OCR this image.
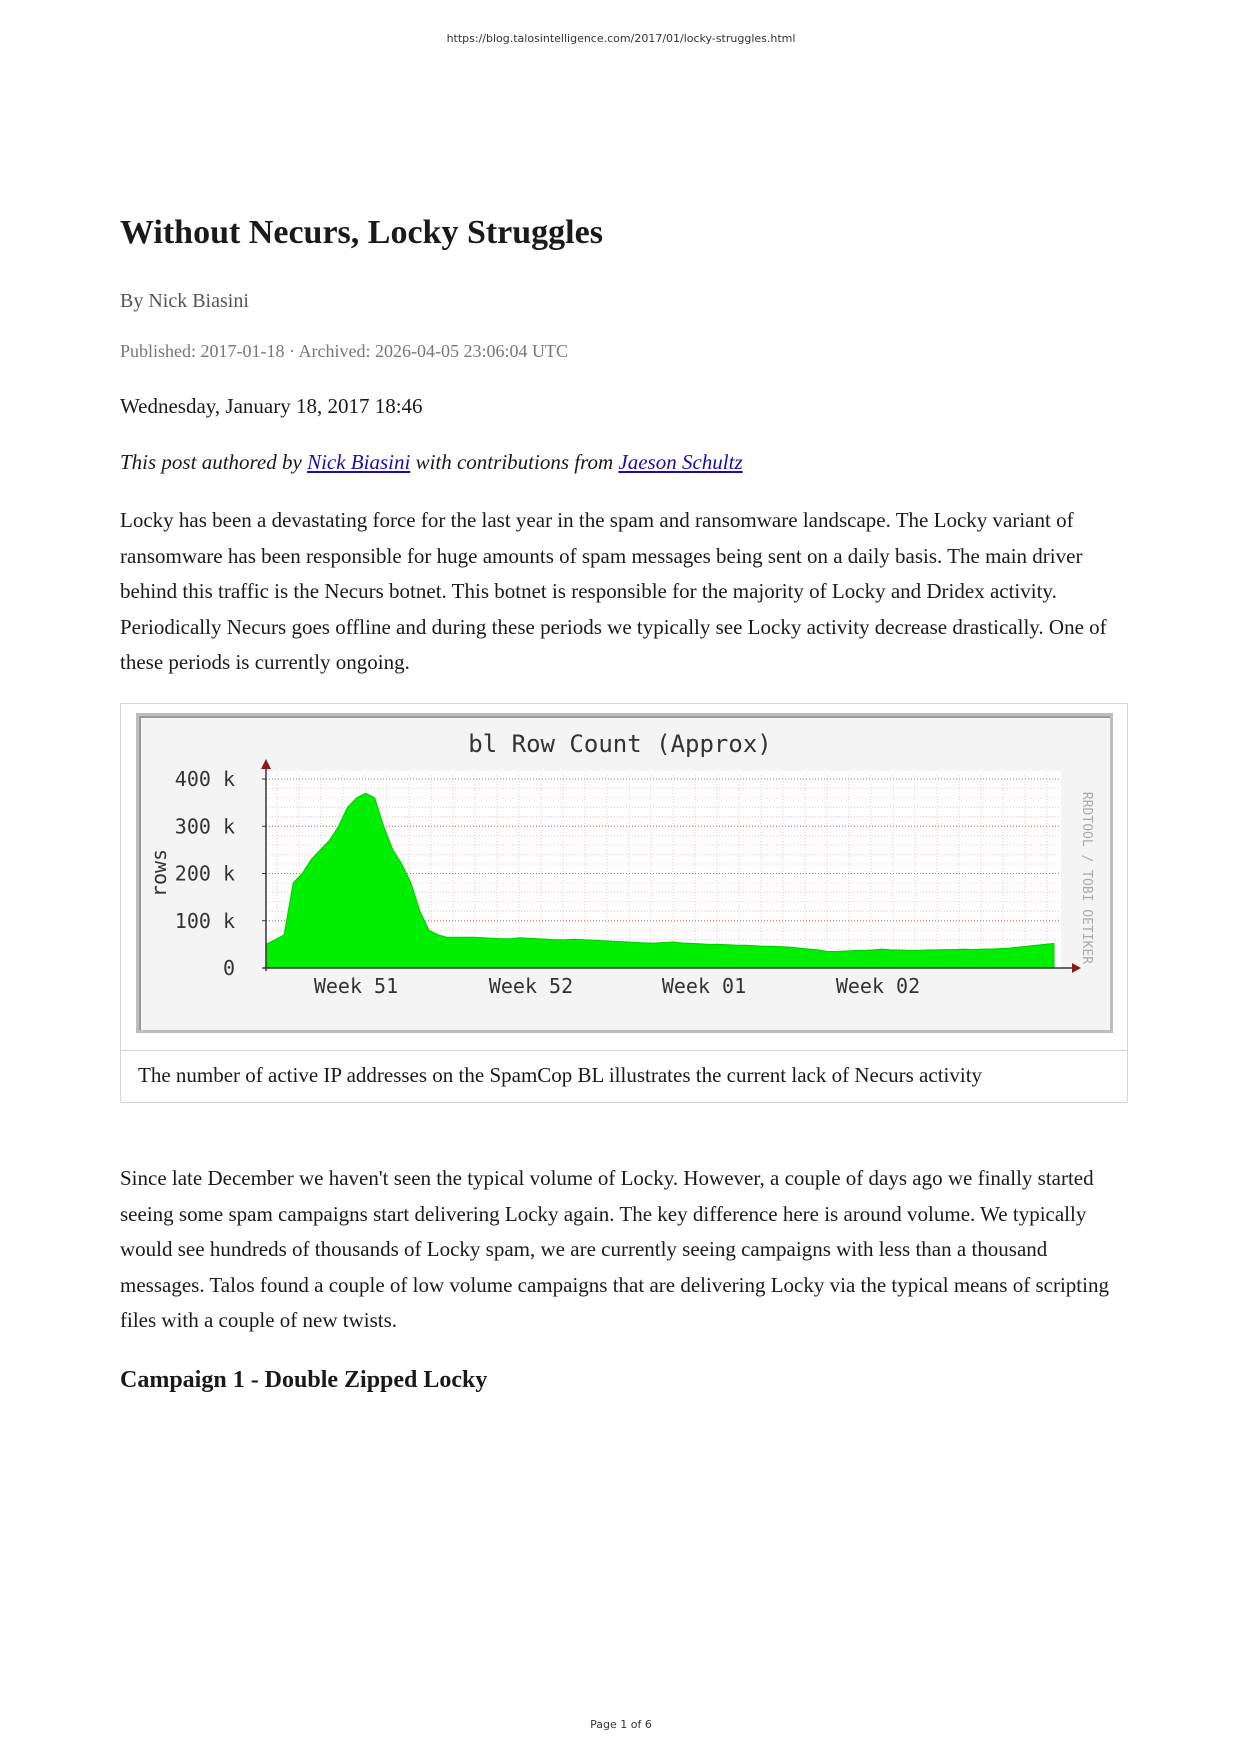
https://blog.talosintelligence.com/2017/01/locky-struggles.html
Without Necurs, Locky Struggles
By Nick Biasini
Published: 2017-01-18 · Archived: 2026-04-05 23:06:04 UTC
Wednesday, January 18, 2017 18:46
This post authored by Nick Biasini with contributions from Jaeson Schultz

Locky has been a devastating force for the last year in the spam and ransomware landscape. The Locky variant of ransomware has been responsible for huge amounts of spam messages being sent on a daily basis. The main driver behind this traffic is the Necurs botnet. This botnet is responsible for the majority of Locky and Dridex activity. Periodically Necurs goes offline and during these periods we typically see Locky activity decrease drastically. One of these periods is currently ongoing.

bl Row Count (Approx)
rows	RRDTOOL / TOBI OETIKER
0
100 k
200 k
300 k
400 k
Week 51	Week 52	Week 01	Week 02
The number of active IP addresses on the SpamCop BL illustrates the current lack of Necurs activity

Since late December we haven't seen the typical volume of Locky. However, a couple of days ago we finally started seeing some spam campaigns start delivering Locky again. The key difference here is around volume. We typically would see hundreds of thousands of Locky spam, we are currently seeing campaigns with less than a thousand messages. Talos found a couple of low volume campaigns that are delivering Locky via the typical means of scripting files with a couple of new twists.

Campaign 1 - Double Zipped Locky
Page 1 of 6
